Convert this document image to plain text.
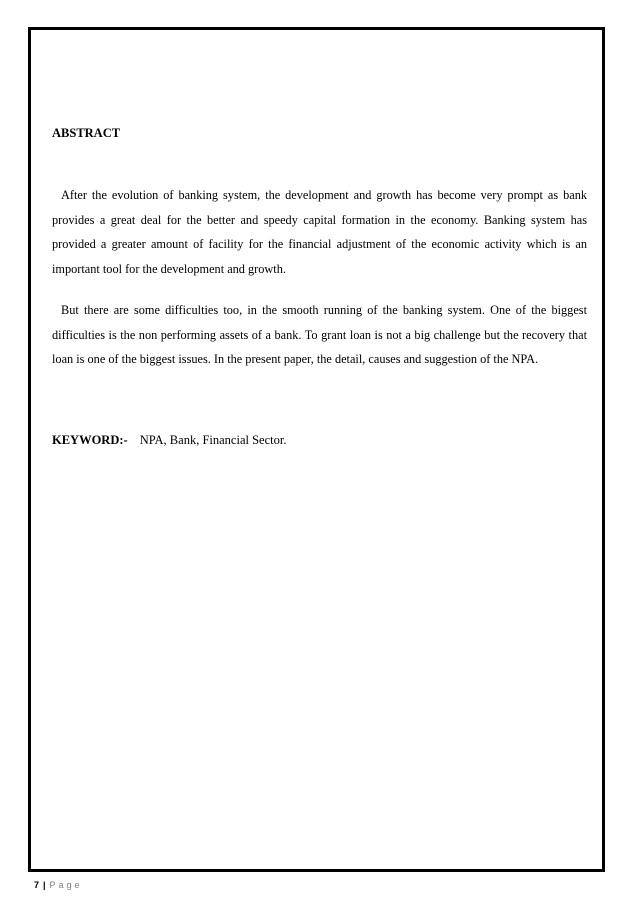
ABSTRACT

After the evolution of banking system, the development and growth has become very prompt as bank provides a great deal for the better and speedy capital formation in the economy. Banking system has provided a greater amount of facility for the financial adjustment of the economic activity which is an important tool for the development and growth.

But there are some difficulties too, in the smooth running of the banking system. One of the biggest difficulties is the non performing assets of a bank. To grant loan is not a big challenge but the recovery that loan is one of the biggest issues. In the present paper, the detail, causes and suggestion of the NPA.

KEYWORD:- NPA, Bank, Financial Sector.

7 | Page
